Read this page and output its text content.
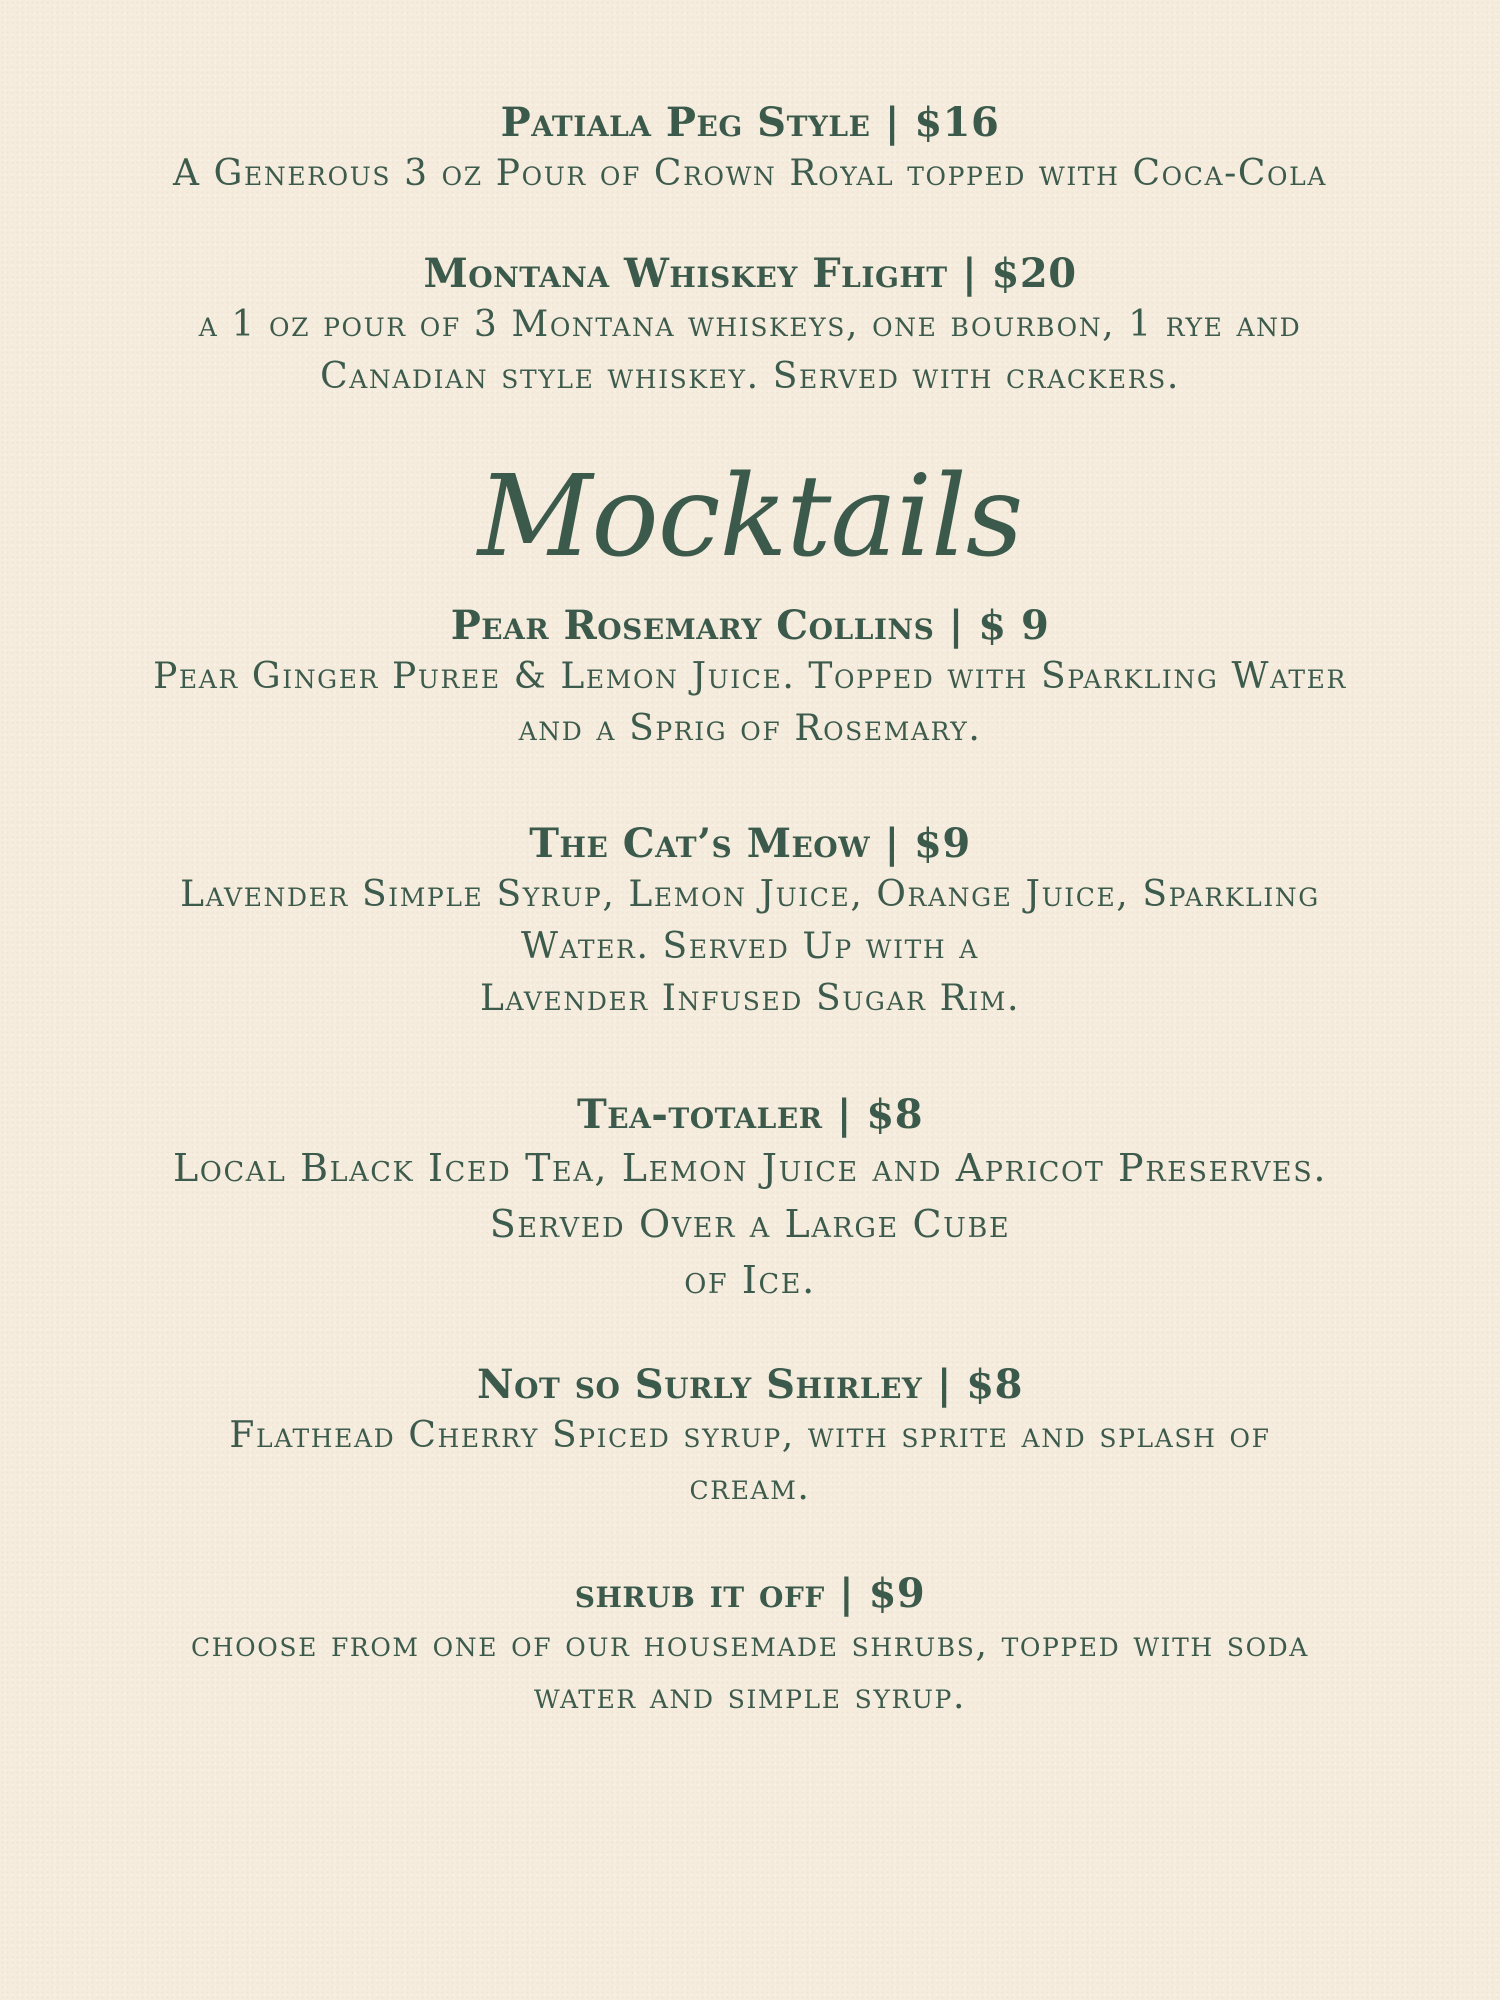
Patiala Peg Style | $16

A Generous 3 oz Pour of Crown Royal topped with Coca-Cola

Montana Whiskey Flight | $20

a 1 oz pour of 3 Montana whiskeys, one bourbon, 1 rye and
Canadian style whiskey. Served with crackers.

Mocktails
Pear Rosemary Collins | $ 9

Pear Ginger Puree & Lemon Juice. Topped with Sparkling Water
and a Sprig of Rosemary.

The Cat’s Meow | $9

Lavender Simple Syrup, Lemon Juice, Orange Juice, Sparkling
Water. Served Up with a
Lavender Infused Sugar Rim.

Tea-totaler | $8

Local Black Iced Tea, Lemon Juice and Apricot Preserves.
Served Over a Large Cube
of Ice.

Not so Surly Shirley | $8

Flathead Cherry Spiced syrup, with sprite and splash of
cream.

shrub it off | $9

choose from one of our housemade shrubs, topped with soda
water and simple syrup.
